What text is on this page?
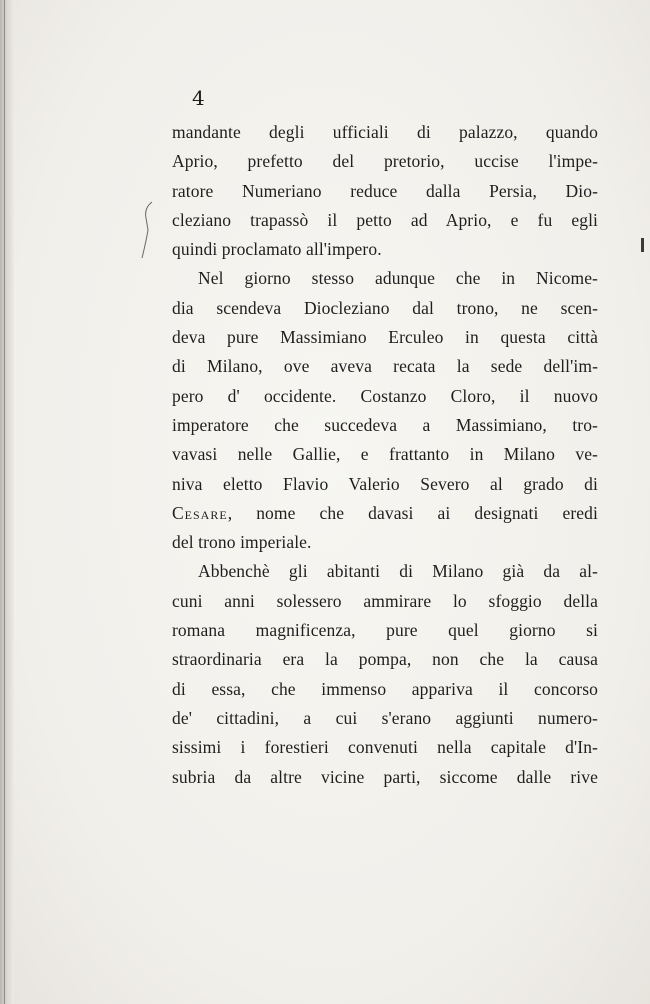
4
mandante degli ufficiali di palazzo, quando
Aprio, prefetto del pretorio, uccise l'impe-
ratore Numeriano reduce dalla Persia, Dio-
cleziano trapassò il petto ad Aprio, e fu egli
quindi proclamato all'impero.
Nel giorno stesso adunque che in Nicome-
dia scendeva Diocleziano dal trono, ne scen-
deva pure Massimiano Erculeo in questa città
di Milano, ove aveva recata la sede dell'im-
pero d' occidente. Costanzo Cloro, il nuovo
imperatore che succedeva a Massimiano, tro-
vavasi nelle Gallie, e frattanto in Milano ve-
niva eletto Flavio Valerio Severo al grado di
Cesare, nome che davasi ai designati eredi
del trono imperiale.
Abbenchè gli abitanti di Milano già da al-
cuni anni solessero ammirare lo sfoggio della
romana magnificenza, pure quel giorno si
straordinaria era la pompa, non che la causa
di essa, che immenso appariva il concorso
de' cittadini, a cui s'erano aggiunti numero-
sissimi i forestieri convenuti nella capitale d'In-
subria da altre vicine parti, siccome dalle rive
